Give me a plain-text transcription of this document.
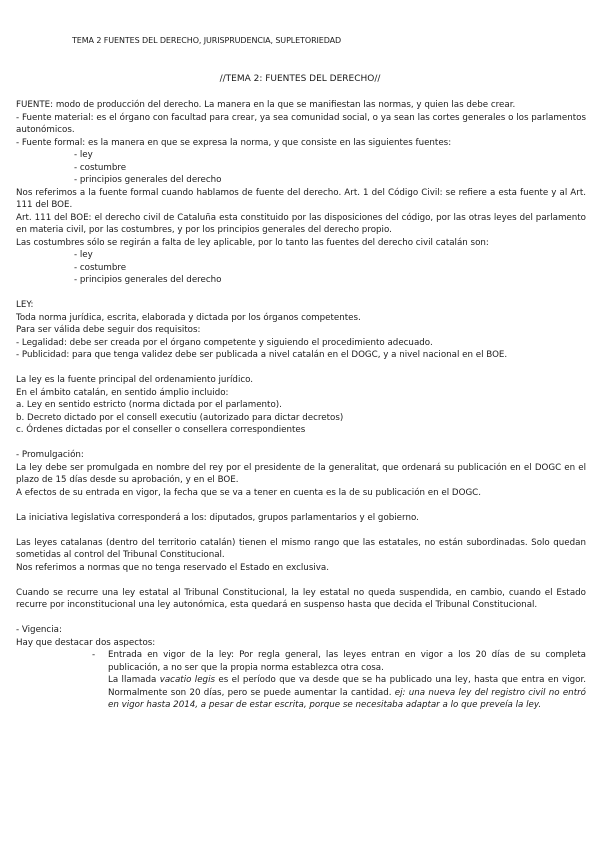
TEMA 2 FUENTES DEL DERECHO, JURISPRUDENCIA, SUPLETORIEDAD
//TEMA 2: FUENTES DEL DERECHO//

FUENTE: modo de producción del derecho. La manera en la que se manifiestan las normas, y quien las debe crear.

- Fuente material: es el órgano con facultad para crear, ya sea comunidad social, o ya sean las cortes generales o los parlamentos autonómicos.

- Fuente formal: es la manera en que se expresa la norma, y que consiste en las siguientes fuentes:

- ley

- costumbre

- principios generales del derecho

Nos referimos a la fuente formal cuando hablamos de fuente del derecho. Art. 1 del Código Civil: se refiere a esta fuente y al Art. 111 del BOE.

Art. 111 del BOE: el derecho civil de Cataluña esta constituido por las disposiciones del código, por las otras leyes del parlamento en materia civil, por las costumbres, y por los principios generales del derecho propio.

Las costumbres sólo se regirán a falta de ley aplicable, por lo tanto las fuentes del derecho civil catalán son:

- ley

- costumbre

- principios generales del derecho

LEY:

Toda norma jurídica, escrita, elaborada y dictada por los órganos competentes.

Para ser válida debe seguir dos requisitos:

- Legalidad: debe ser creada por el órgano competente y siguiendo el procedimiento adecuado.

- Publicidad: para que tenga validez debe ser publicada a nivel catalán en el DOGC, y a nivel nacional en el BOE.

La ley es la fuente principal del ordenamiento jurídico.

En el ámbito catalán, en sentido ámplio incluido:

a. Ley en sentido estricto (norma dictada por el parlamento).

b. Decreto dictado por el consell executiu (autorizado para dictar decretos)

c. Órdenes dictadas por el conseller o consellera correspondientes

- Promulgación:

La ley debe ser promulgada en nombre del rey por el presidente de la generalitat, que ordenará su publicación en el DOGC en el plazo de 15 días desde su aprobación, y en el BOE.

A efectos de su entrada en vigor, la fecha que se va a tener en cuenta es la de su publicación en el DOGC.

La iniciativa legislativa corresponderá a los: diputados, grupos parlamentarios y el gobierno.

Las leyes catalanas (dentro del territorio catalán) tienen el mismo rango que las estatales, no están subordinadas. Solo quedan sometidas al control del Tribunal Constitucional.

Nos referimos a normas que no tenga reservado el Estado en exclusiva.

Cuando se recurre una ley estatal al Tribunal Constitucional, la ley estatal no queda suspendida, en cambio, cuando el Estado recurre por inconstitucional una ley autonómica, esta quedará en suspenso hasta que decida el Tribunal Constitucional.

- Vigencia:

Hay que destacar dos aspectos:

- Entrada en vigor de la ley: Por regla general, las leyes entran en vigor a los 20 días de su completa publicación, a no ser que la propia norma establezca otra cosa.

La llamada vacatio legis es el período que va desde que se ha publicado una ley, hasta que entra en vigor. Normalmente son 20 días, pero se puede aumentar la cantidad. ej: una nueva ley del registro civil no entró en vigor hasta 2014, a pesar de estar escrita, porque se necesitaba adaptar a lo que preveía la ley.
